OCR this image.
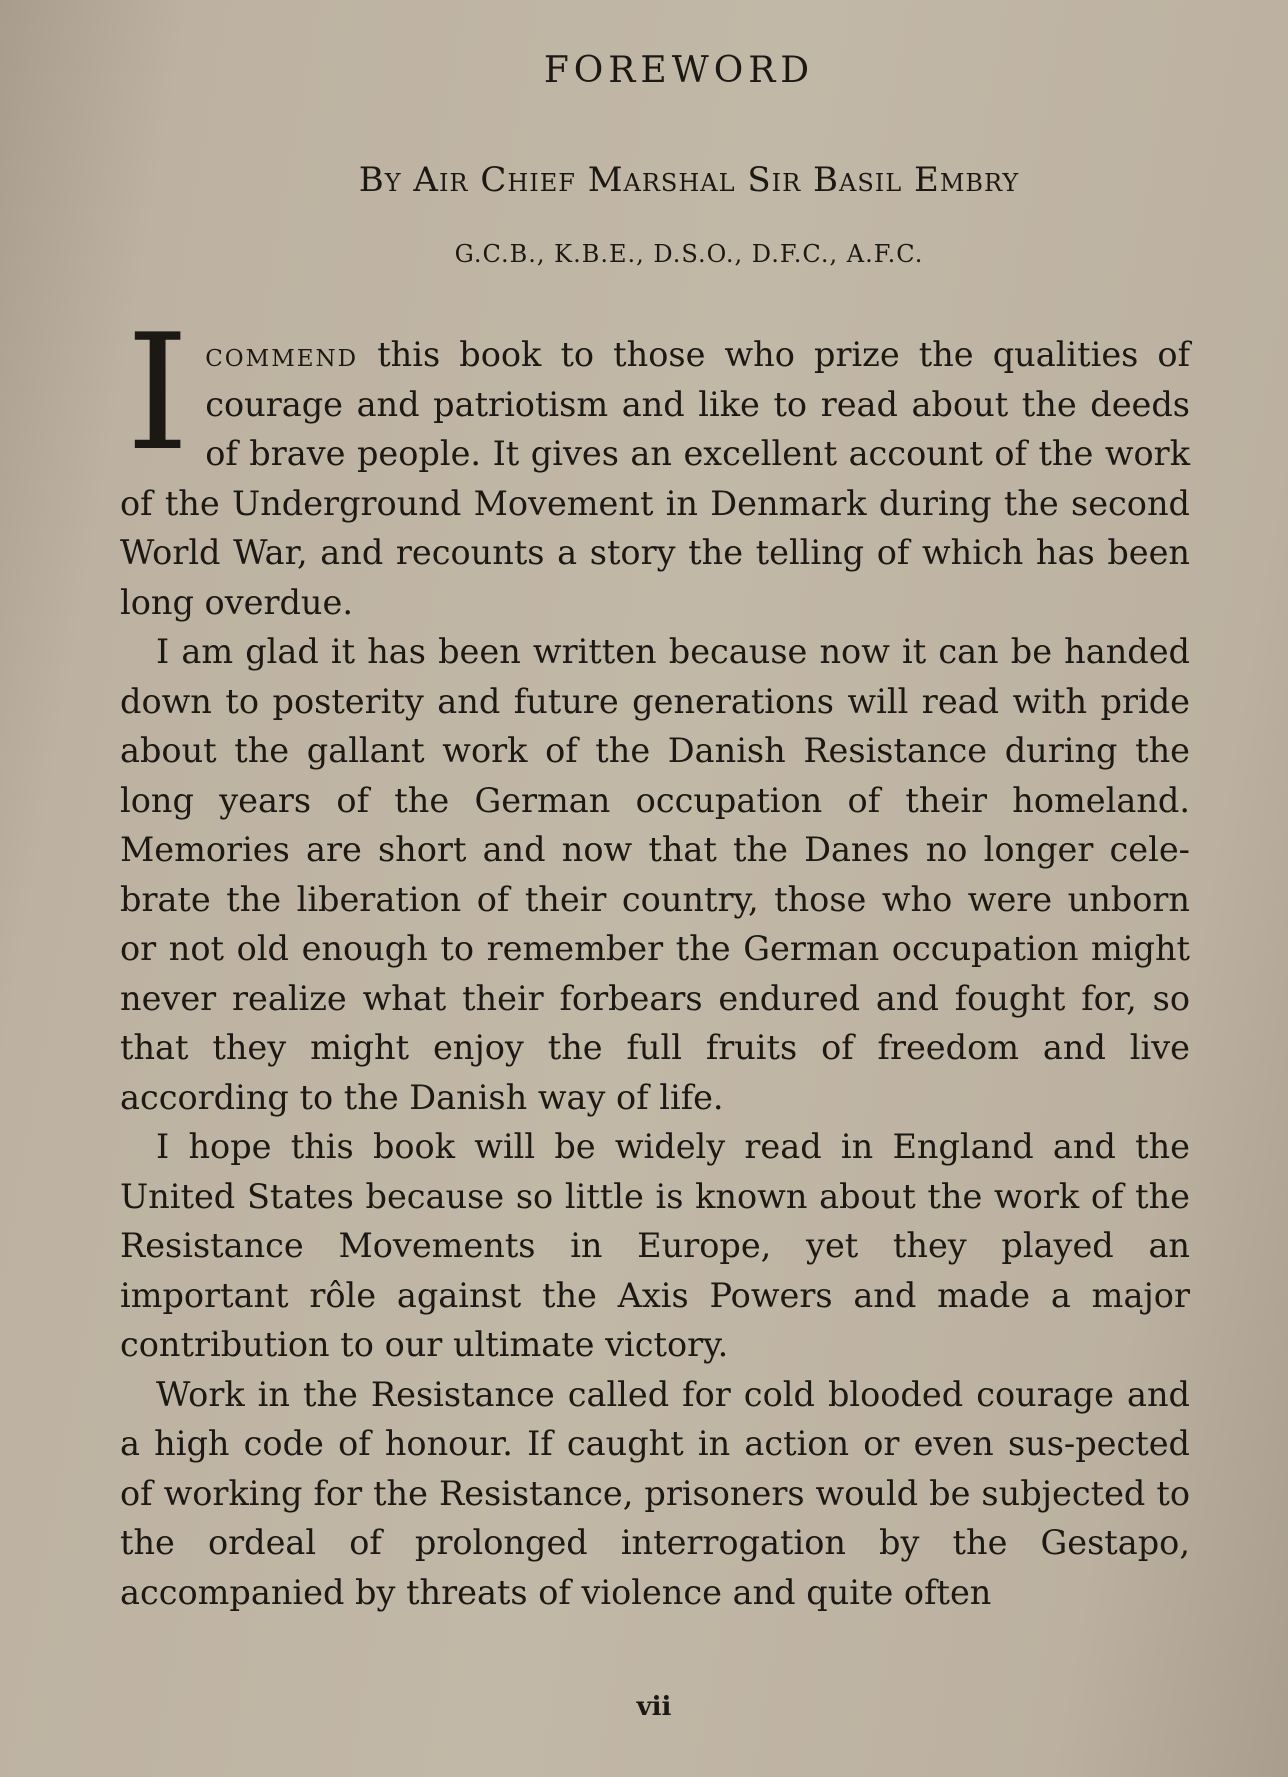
FOREWORD
By Air Chief Marshal Sir Basil Embry
G.C.B., K.B.E., D.S.O., D.F.C., A.F.C.

Icommend this book to those who prize the qualities of courage and patriotism and like to read about the deeds of brave people. It gives an excellent account of the work of the Underground Movement in Denmark during the second World War, and recounts a story the telling of which has been long overdue.

I am glad it has been written because now it can be handed down to posterity and future generations will read with pride about the gallant work of the Danish Resistance during the long years of the German occupation of their homeland. Memories are short and now that the Danes no longer cele-brate the liberation of their country, those who were unborn or not old enough to remember the German occupation might never realize what their forbears endured and fought for, so that they might enjoy the full fruits of freedom and live according to the Danish way of life.

I hope this book will be widely read in England and the United States because so little is known about the work of the Resistance Movements in Europe, yet they played an important rôle against the Axis Powers and made a major contribution to our ultimate victory.

Work in the Resistance called for cold blooded courage and a high code of honour. If caught in action or even sus-pected of working for the Resistance, prisoners would be subjected to the ordeal of prolonged interrogation by the Gestapo, accompanied by threats of violence and quite often

vii
